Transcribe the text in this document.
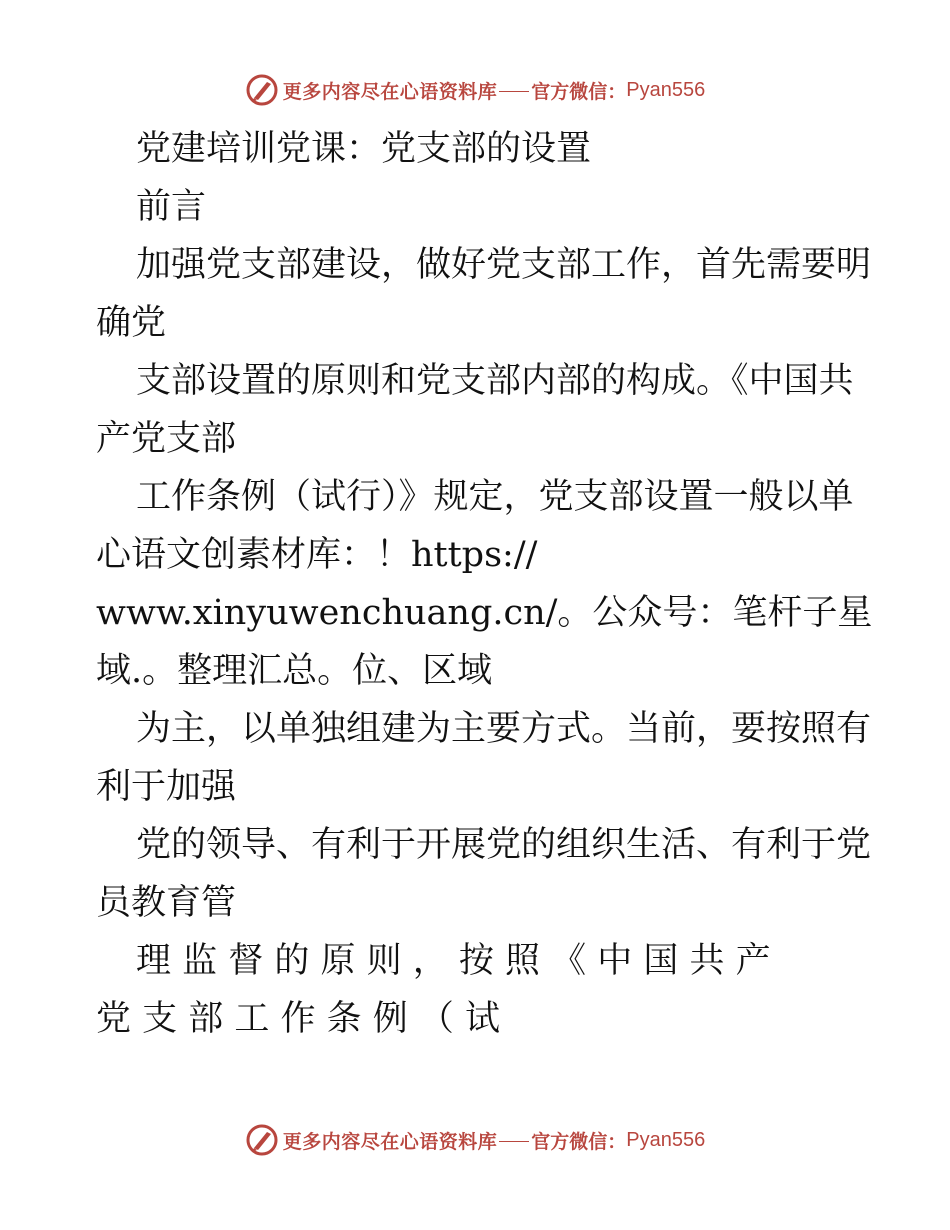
更多内容尽在心语资料库 官方微信： Pyan556
党建培训党课：党支部的设置
前言
加强党支部建设，做好党支部工作，首先需要明
确党
支部设置的原则和党支部内部的构成。《中国共
产党支部
工作条例（试行）》规定，党支部设置一般以单
心语文创素材库：！https://
www.xinyuwenchuang.cn/。公众号：笔杆子星
域.。整理汇总。位、区域
为主，以单独组建为主要方式。当前，要按照有
利于加强
党的领导、有利于开展党的组织生活、有利于党
员教育管
理 监 督 的 原 则 ， 按 照 《 中 国 共 产
党 支 部 工 作 条 例 （ 试
更多内容尽在心语资料库 官方微信： Pyan556
